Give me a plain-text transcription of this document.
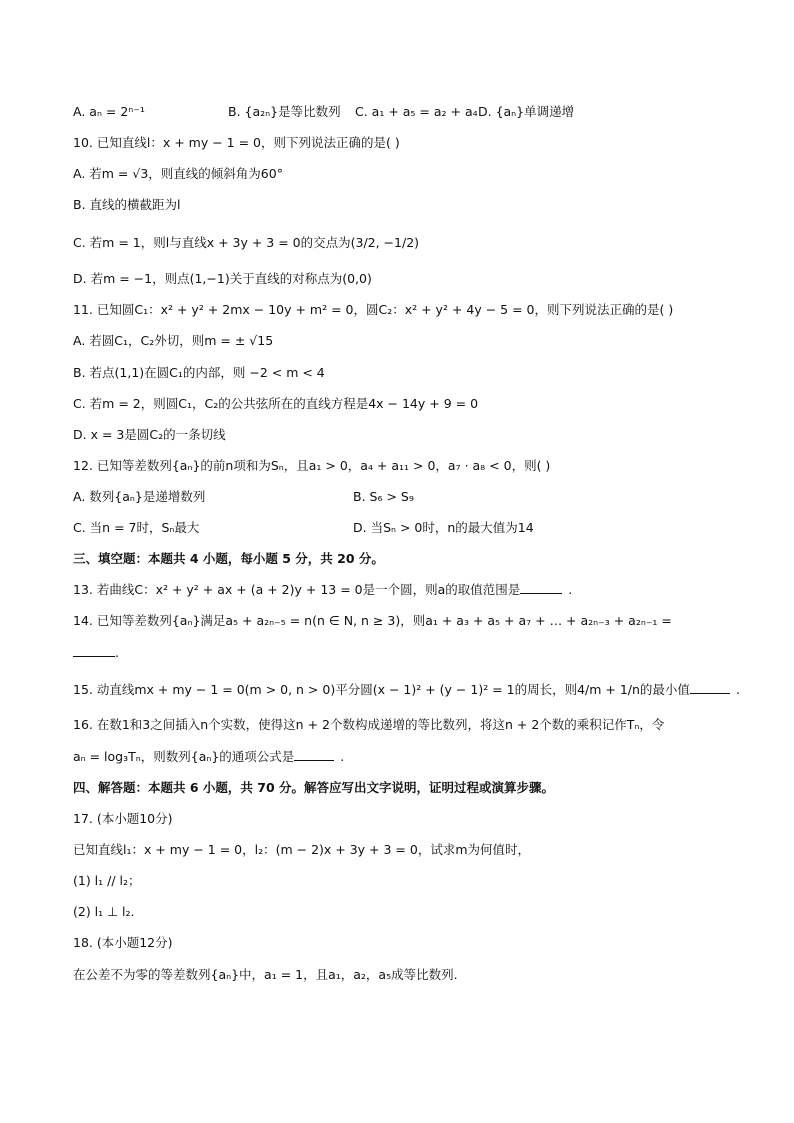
A. aₙ = 2ⁿ⁻¹	B. {a₂ₙ}是等比数列 C. a₁ + a₅ = a₂ + a₄ D. {aₙ}单调递增
10. 已知直线l：x + my − 1 = 0，则下列说法正确的是( )
A. 若m = √3，则直线的倾斜角为60°
B. 直线的横截距为l
C. 若m = 1，则l与直线x + 3y + 3 = 0的交点为(3/2, −1/2)
D. 若m = −1，则点(1,−1)关于直线的对称点为(0,0)
11. 已知圆C₁：x² + y² + 2mx − 10y + m² = 0，圆C₂：x² + y² + 4y − 5 = 0，则下列说法正确的是( )
A. 若圆C₁，C₂外切，则m = ± √15
B. 若点(1,1)在圆C₁的内部，则 −2 < m < 4
C. 若m = 2，则圆C₁，C₂的公共弦所在的直线方程是4x − 14y + 9 = 0
D. x = 3是圆C₂的一条切线
12. 已知等差数列{aₙ}的前n项和为Sₙ，且a₁ > 0，a₄ + a₁₁ > 0，a₇ · a₈ < 0，则( )
A. 数列{aₙ}是递增数列	B. S₆ > S₉
C. 当n = 7时，Sₙ最大	D. 当Sₙ > 0时，n的最大值为14
三、填空题：本题共 4 小题，每小题 5 分，共 20 分。
13. 若曲线C：x² + y² + ax + (a + 2)y + 13 = 0是一个圆，则a的取值范围是	.
14. 已知等差数列{aₙ}满足a₅ + a₂ₙ₋₅ = n(n ∈ N, n ≥ 3)，则a₁ + a₃ + a₅ + a₇ + … + a₂ₙ₋₃ + a₂ₙ₋₁ =
.
15. 动直线mx + my − 1 = 0(m > 0, n > 0)平分圆(x − 1)² + (y − 1)² = 1的周长，则4/m + 1/n的最小值	.
16. 在数1和3之间插入n个实数，使得这n + 2个数构成递增的等比数列，将这n + 2个数的乘积记作Tₙ，令
aₙ = log₃Tₙ，则数列{aₙ}的通项公式是	.
四、解答题：本题共 6 小题，共 70 分。解答应写出文字说明，证明过程或演算步骤。
17. (本小题10分)
已知直线l₁：x + my − 1 = 0，l₂：(m − 2)x + 3y + 3 = 0，试求m为何值时，
(1) l₁ // l₂；
(2) l₁ ⊥ l₂.
18. (本小题12分)
在公差不为零的等差数列{aₙ}中，a₁ = 1，且a₁，a₂，a₅成等比数列.
